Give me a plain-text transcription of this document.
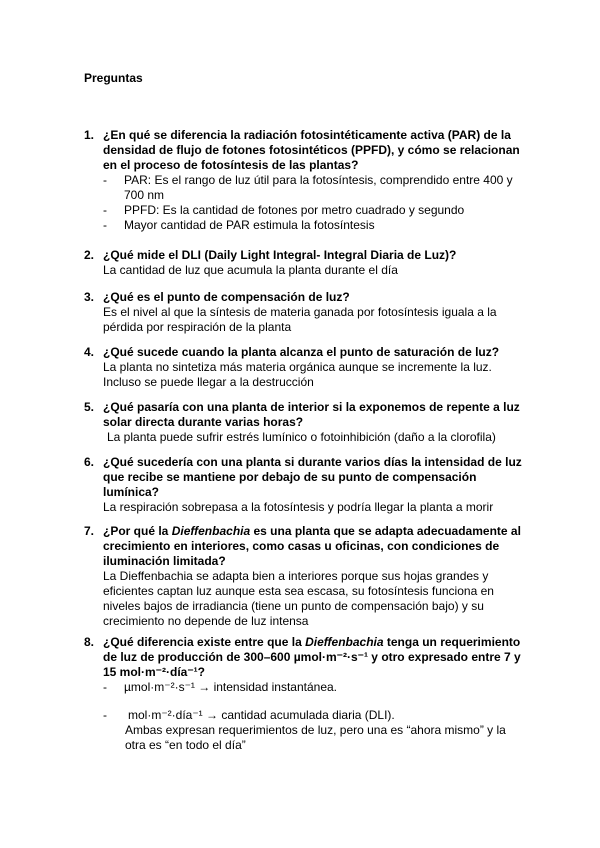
Preguntas
1. ¿En qué se diferencia la radiación fotosintéticamente activa (PAR) de la densidad de flujo de fotones fotosintéticos (PPFD), y cómo se relacionan en el proceso de fotosíntesis de las plantas?
-	PAR: Es el rango de luz útil para la fotosíntesis, comprendido entre 400 y 700 nm
-	PPFD: Es la cantidad de fotones por metro cuadrado y segundo
-	Mayor cantidad de PAR estimula la fotosíntesis
2. ¿Qué mide el DLI (Daily Light Integral- Integral Diaria de Luz)?
La cantidad de luz que acumula la planta durante el día
3. ¿Qué es el punto de compensación de luz?
Es el nivel al que la síntesis de materia ganada por fotosíntesis iguala a la pérdida por respiración de la planta
4. ¿Qué sucede cuando la planta alcanza el punto de saturación de luz?
La planta no sintetiza más materia orgánica aunque se incremente la luz. Incluso se puede llegar a la destrucción
5. ¿Qué pasaría con una planta de interior si la exponemos de repente a luz solar directa durante varias horas?
La planta puede sufrir estrés lumínico o fotoinhibición (daño a la clorofila)
6. ¿Qué sucedería con una planta si durante varios días la intensidad de luz que recibe se mantiene por debajo de su punto de compensación lumínica?
La respiración sobrepasa a la fotosíntesis y podría llegar la planta a morir
7. ¿Por qué la Dieffenbachia es una planta que se adapta adecuadamente al crecimiento en interiores, como casas u oficinas, con condiciones de iluminación limitada?
La Dieffenbachia se adapta bien a interiores porque sus hojas grandes y eficientes captan luz aunque esta sea escasa, su fotosíntesis funciona en niveles bajos de irradiancia (tiene un punto de compensación bajo) y su crecimiento no depende de luz intensa
8. ¿Qué diferencia existe entre que la Dieffenbachia tenga un requerimiento de luz de producción de 300–600 µmol·m⁻²·s⁻¹ y otro expresado entre 7 y 15 mol·m⁻²·día⁻¹?
-	µmol·m⁻²·s⁻¹ → intensidad instantánea.
-	mol·m⁻²·día⁻¹ → cantidad acumulada diaria (DLI).
Ambas expresan requerimientos de luz, pero una es “ahora mismo” y la otra es “en todo el día”
